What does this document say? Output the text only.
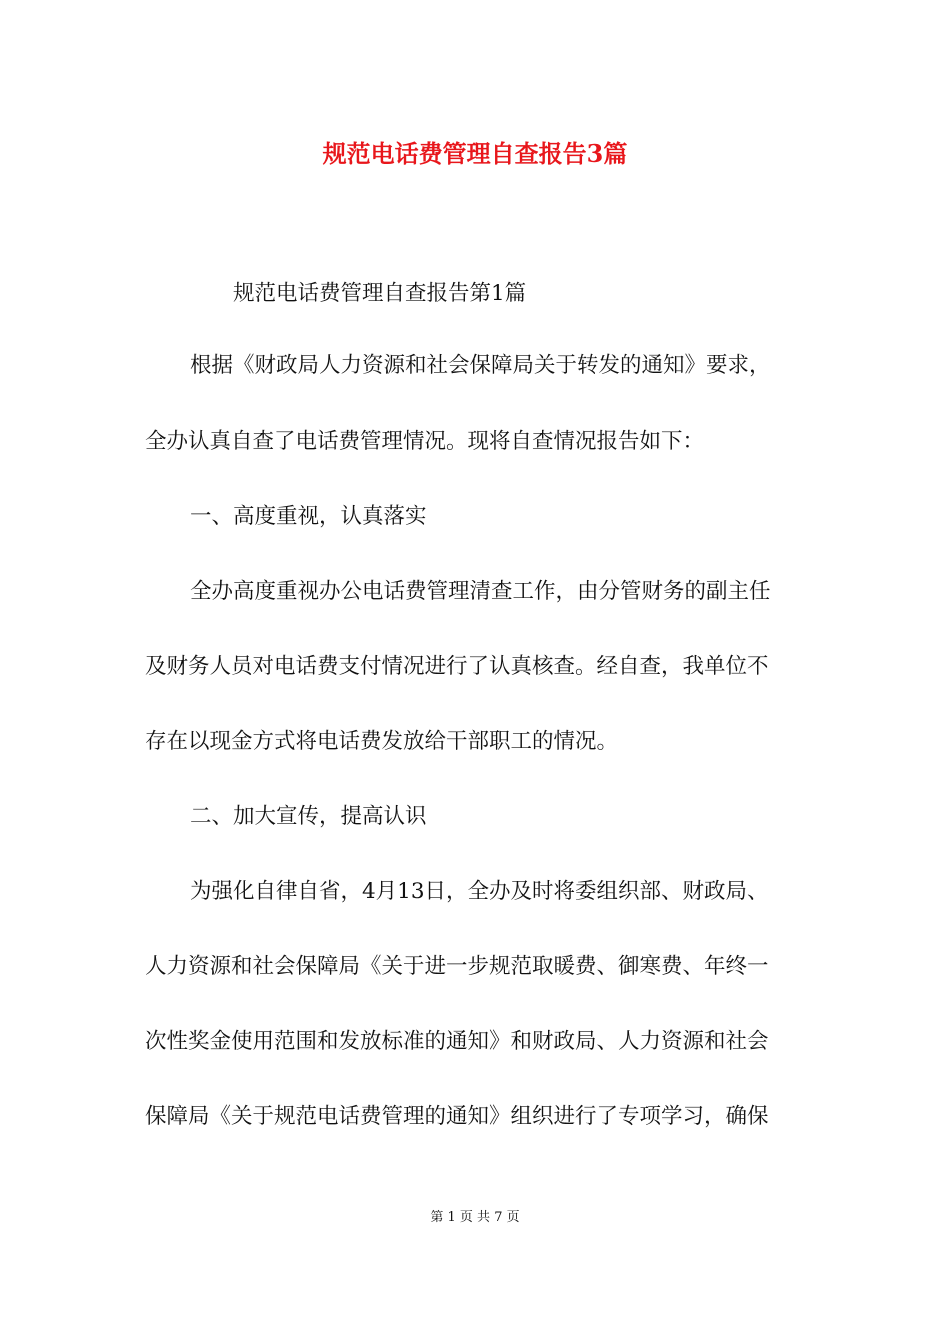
规范电话费管理自查报告3篇
规范电话费管理自查报告第1篇
根据《财政局人力资源和社会保障局关于转发的通知》要求，
全办认真自查了电话费管理情况。现将自查情况报告如下：
一、高度重视，认真落实
全办高度重视办公电话费管理清查工作，由分管财务的副主任
及财务人员对电话费支付情况进行了认真核查。经自查，我单位不
存在以现金方式将电话费发放给干部职工的情况。
二、加大宣传，提高认识
为强化自律自省，4月13日，全办及时将委组织部、财政局、
人力资源和社会保障局《关于进一步规范取暖费、御寒费、年终一
次性奖金使用范围和发放标准的通知》和财政局、人力资源和社会
保障局《关于规范电话费管理的通知》组织进行了专项学习，确保
第 1 页 共 7 页
